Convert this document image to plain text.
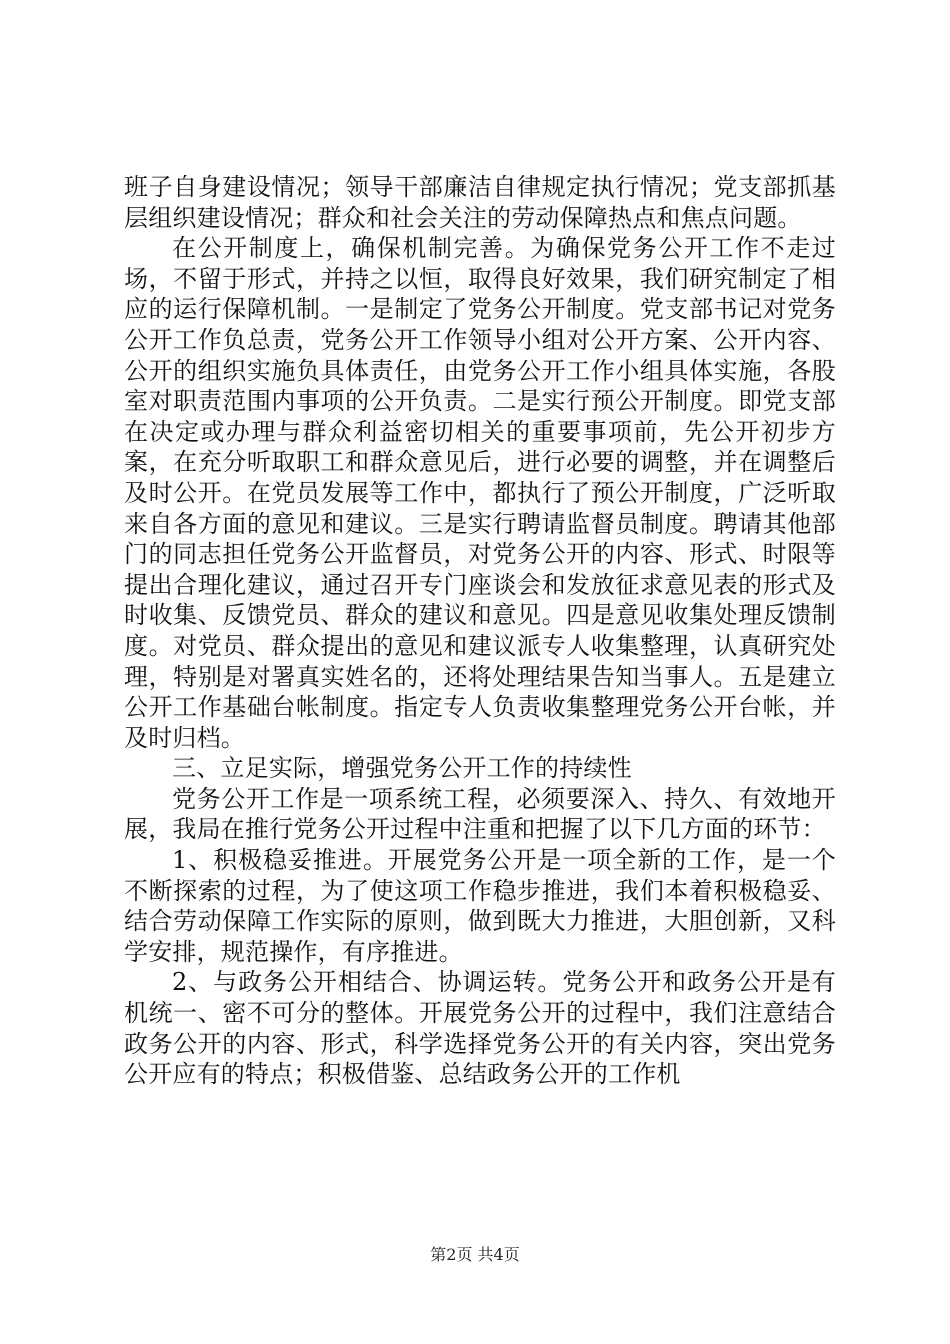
班子自身建设情况；领导干部廉洁自律规定执行情况；党支部抓基层组织建设情况；群众和社会关注的劳动保障热点和焦点问题。

在公开制度上，确保机制完善。为确保党务公开工作不走过场，不留于形式，并持之以恒，取得良好效果，我们研究制定了相应的运行保障机制。一是制定了党务公开制度。党支部书记对党务公开工作负总责，党务公开工作领导小组对公开方案、公开内容、公开的组织实施负具体责任，由党务公开工作小组具体实施，各股室对职责范围内事项的公开负责。二是实行预公开制度。即党支部在决定或办理与群众利益密切相关的重要事项前，先公开初步方案，在充分听取职工和群众意见后，进行必要的调整，并在调整后及时公开。在党员发展等工作中，都执行了预公开制度，广泛听取来自各方面的意见和建议。三是实行聘请监督员制度。聘请其他部门的同志担任党务公开监督员，对党务公开的内容、形式、时限等提出合理化建议，通过召开专门座谈会和发放征求意见表的形式及时收集、反馈党员、群众的建议和意见。四是意见收集处理反馈制度。对党员、群众提出的意见和建议派专人收集整理，认真研究处理，特别是对署真实姓名的，还将处理结果告知当事人。五是建立公开工作基础台帐制度。指定专人负责收集整理党务公开台帐，并及时归档。

三、立足实际，增强党务公开工作的持续性

党务公开工作是一项系统工程，必须要深入、持久、有效地开展，我局在推行党务公开过程中注重和把握了以下几方面的环节：

1、积极稳妥推进。开展党务公开是一项全新的工作，是一个不断探索的过程，为了使这项工作稳步推进，我们本着积极稳妥、结合劳动保障工作实际的原则，做到既大力推进，大胆创新，又科学安排，规范操作，有序推进。

2、与政务公开相结合、协调运转。党务公开和政务公开是有机统一、密不可分的整体。开展党务公开的过程中，我们注意结合政务公开的内容、形式，科学选择党务公开的有关内容，突出党务公开应有的特点；积极借鉴、总结政务公开的工作机

第2页 共4页
